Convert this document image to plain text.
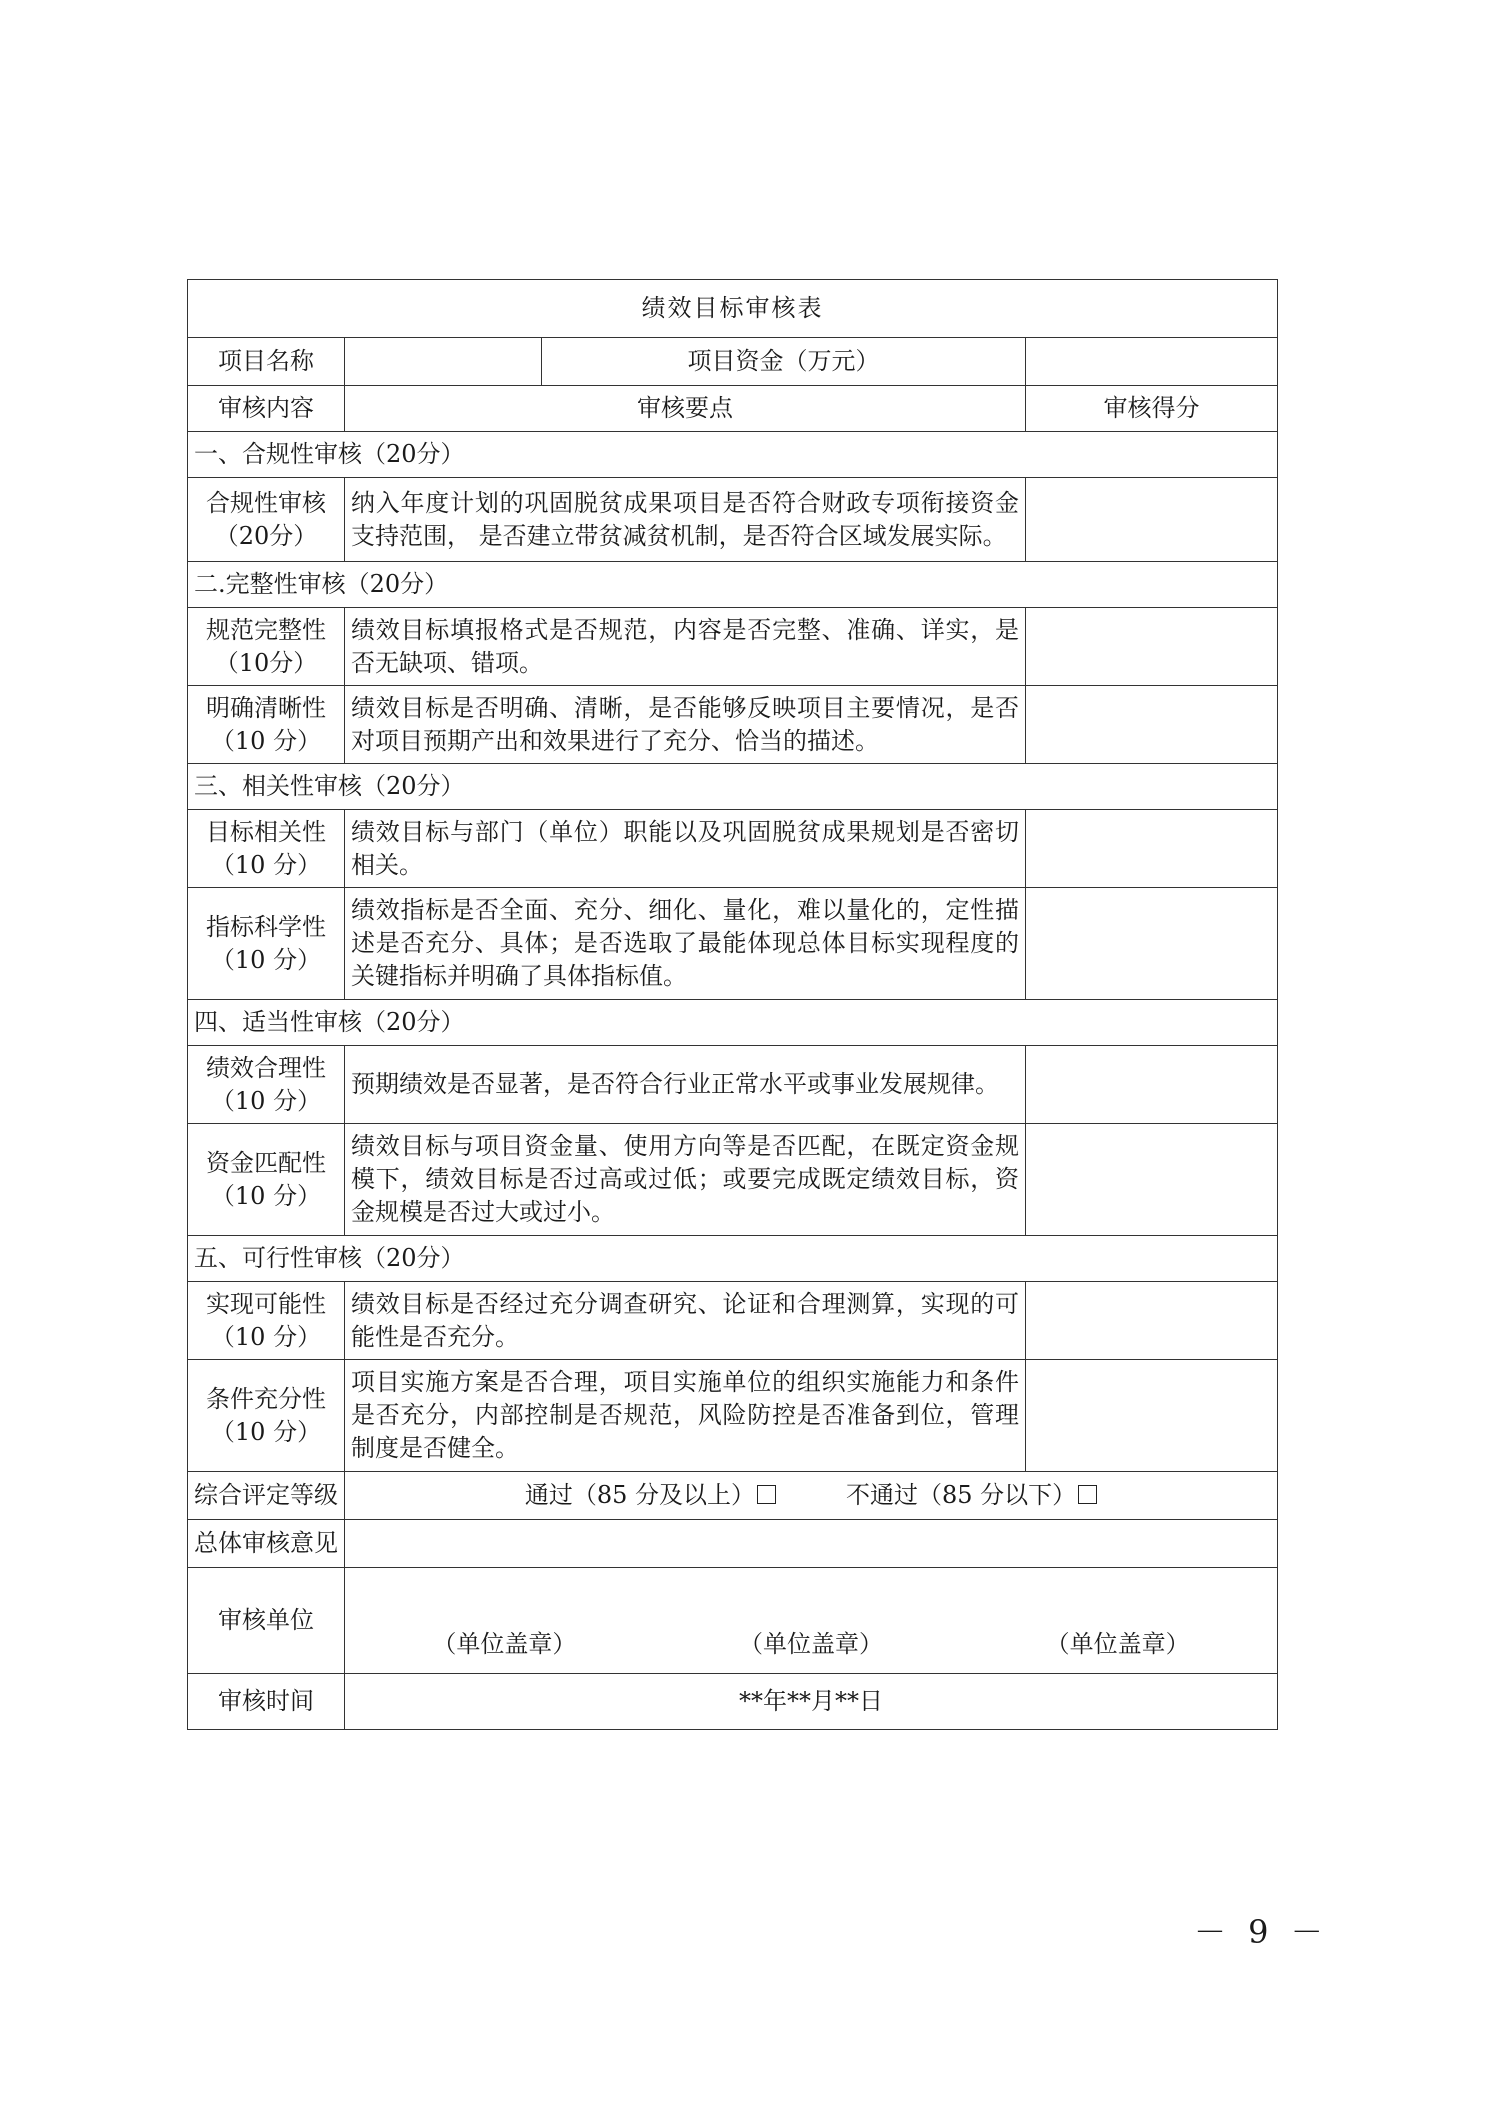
绩效目标审核表			
项目名称		项目资金（万元）	
审核内容	审核要点		审核得分
一、合规性审核（20分）			

合规性审核
（20分）	纳入年度计划的巩固脱贫成果项目是否符合财政专项衔接资金支持范围， 是否建立带贫减贫机制，是否符合区域发展实际。		
二.完整性审核（20分）			

规范完整性
（10分）	绩效目标填报格式是否规范，内容是否完整、准确、详实，是否无缺项、错项。		

明确清晰性
（10 分）	绩效目标是否明确、清晰，是否能够反映项目主要情况，是否对项目预期产出和效果进行了充分、恰当的描述。		
三、相关性审核（20分）			

目标相关性
（10 分）	绩效目标与部门（单位）职能以及巩固脱贫成果规划是否密切相关。		

指标科学性
（10 分）	绩效指标是否全面、充分、细化、量化，难以量化的，定性描述是否充分、具体；是否选取了最能体现总体目标实现程度的关键指标并明确了具体指标值。		
四、适当性审核（20分）			

绩效合理性
（10 分）	预期绩效是否显著，是否符合行业正常水平或事业发展规律。		

资金匹配性
（10 分）	绩效目标与项目资金量、使用方向等是否匹配，在既定资金规模下，绩效目标是否过高或过低；或要完成既定绩效目标，资金规模是否过大或过小。		
五、可行性审核（20分）			

实现可能性
（10 分）	绩效目标是否经过充分调查研究、论证和合理测算，实现的可能性是否充分。		

条件充分性
（10 分）	项目实施方案是否合理，项目实施单位的组织实施能力和条件是否充分，内部控制是否规范，风险防控是否准备到位，管理制度是否健全。		
综合评定等级	通过（85 分及以上） 不通过（85 分以下）		
总体审核意见			
审核单位	（单位盖章） （单位盖章） （单位盖章）		

审核时间	**年**月**日		
－ 9 －
